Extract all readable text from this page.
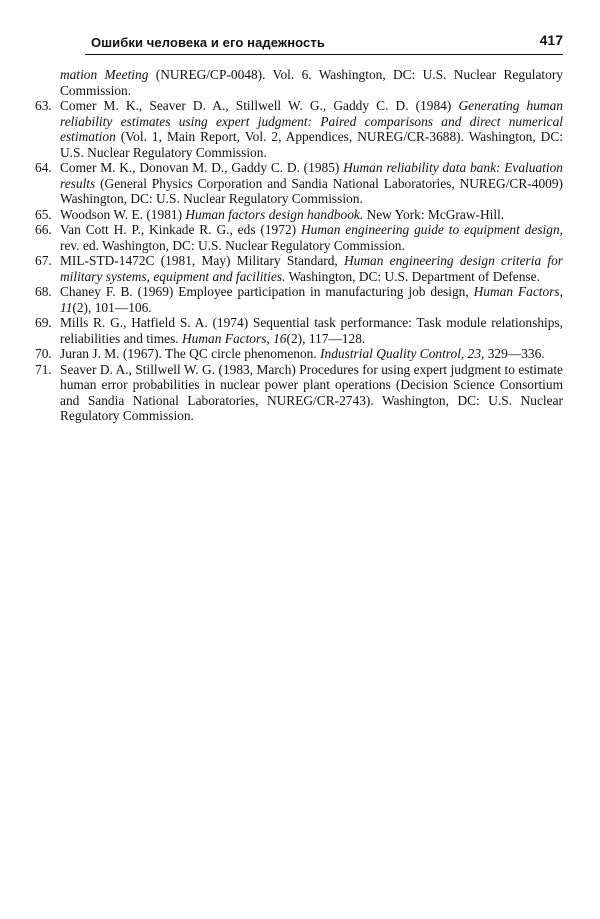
Ошибки человека и его надежность	417

mation Meeting (NUREG/CP-0048). Vol. 6. Washington, DC: U.S. Nuclear Regulatory Commission.

63. Comer M. K., Seaver D. A., Stillwell W. G., Gaddy C. D. (1984) Generating human reliability estimates using expert judgment: Paired comparisons and direct numerical estimation (Vol. 1, Main Report, Vol. 2, Appendices, NUREG/CR-3688). Washington, DC: U.S. Nuclear Regulatory Commission.

64. Comer M. K., Donovan M. D., Gaddy C. D. (1985) Human reliability data bank: Evaluation results (General Physics Corporation and Sandia National Laboratories, NUREG/CR-4009) Washington, DC: U.S. Nuclear Regulatory Commission.

65. Woodson W. E. (1981) Human factors design handbook. New York: McGraw-Hill.

66. Van Cott H. P., Kinkade R. G., eds (1972) Human engineering guide to equipment design, rev. ed. Washington, DC: U.S. Nuclear Regulatory Commission.

67. MIL-STD-1472C (1981, May) Military Standard, Human engineering design criteria for military systems, equipment and facilities. Washington, DC: U.S. Department of Defense.

68. Chaney F. B. (1969) Employee participation in manufacturing job design, Human Factors, 11(2), 101—106.

69. Mills R. G., Hatfield S. A. (1974) Sequential task performance: Task module relationships, reliabilities and times. Human Factors, 16(2), 117—128.

70. Juran J. M. (1967). The QC circle phenomenon. Industrial Quality Control, 23, 329—336.

71. Seaver D. A., Stillwell W. G. (1983, March) Procedures for using expert judgment to estimate human error probabilities in nuclear power plant operations (Decision Science Consortium and Sandia National Laboratories, NUREG/CR-2743). Washington, DC: U.S. Nuclear Regulatory Commission.
